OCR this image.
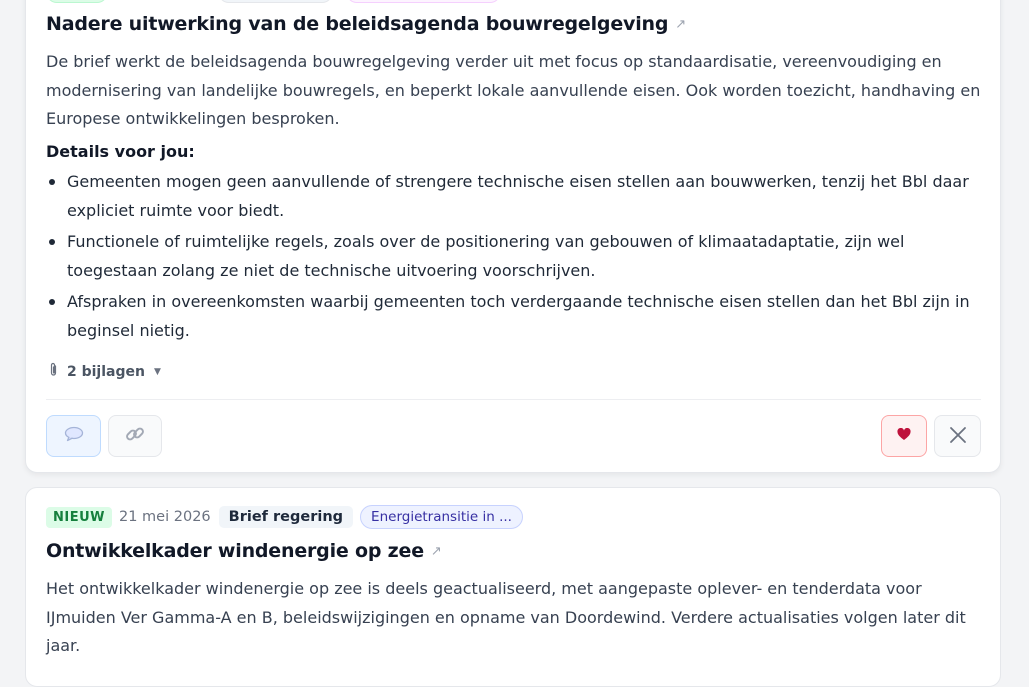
Nadere uitwerking van de beleidsagenda bouwregelgeving ↗

De brief werkt de beleidsagenda bouwregelgeving verder uit met focus op standaardisatie, vereenvoudiging en modernisering van landelijke bouwregels, en beperkt lokale aanvullende eisen. Ook worden toezicht, handhaving en Europese ontwikkelingen besproken.

Details voor jou:
Gemeenten mogen geen aanvullende of strengere technische eisen stellen aan bouwwerken, tenzij het Bbl daar expliciet ruimte voor biedt.
Functionele of ruimtelijke regels, zoals over de positionering van gebouwen of klimaatadaptatie, zijn wel toegestaan zolang ze niet de technische uitvoering voorschrijven.
Afspraken in overeenkomsten waarbij gemeenten toch verdergaande technische eisen stellen dan het Bbl zijn in beginsel nietig.
2 bijlagen ▼
NIEUW 21 mei 2026	Brief regering	Energietransitie in ...
Ontwikkelkader windenergie op zee ↗

Het ontwikkelkader windenergie op zee is deels geactualiseerd, met aangepaste oplever- en tenderdata voor IJmuiden Ver Gamma-A en B, beleidswijzigingen en opname van Doordewind. Verdere actualisaties volgen later dit jaar.
